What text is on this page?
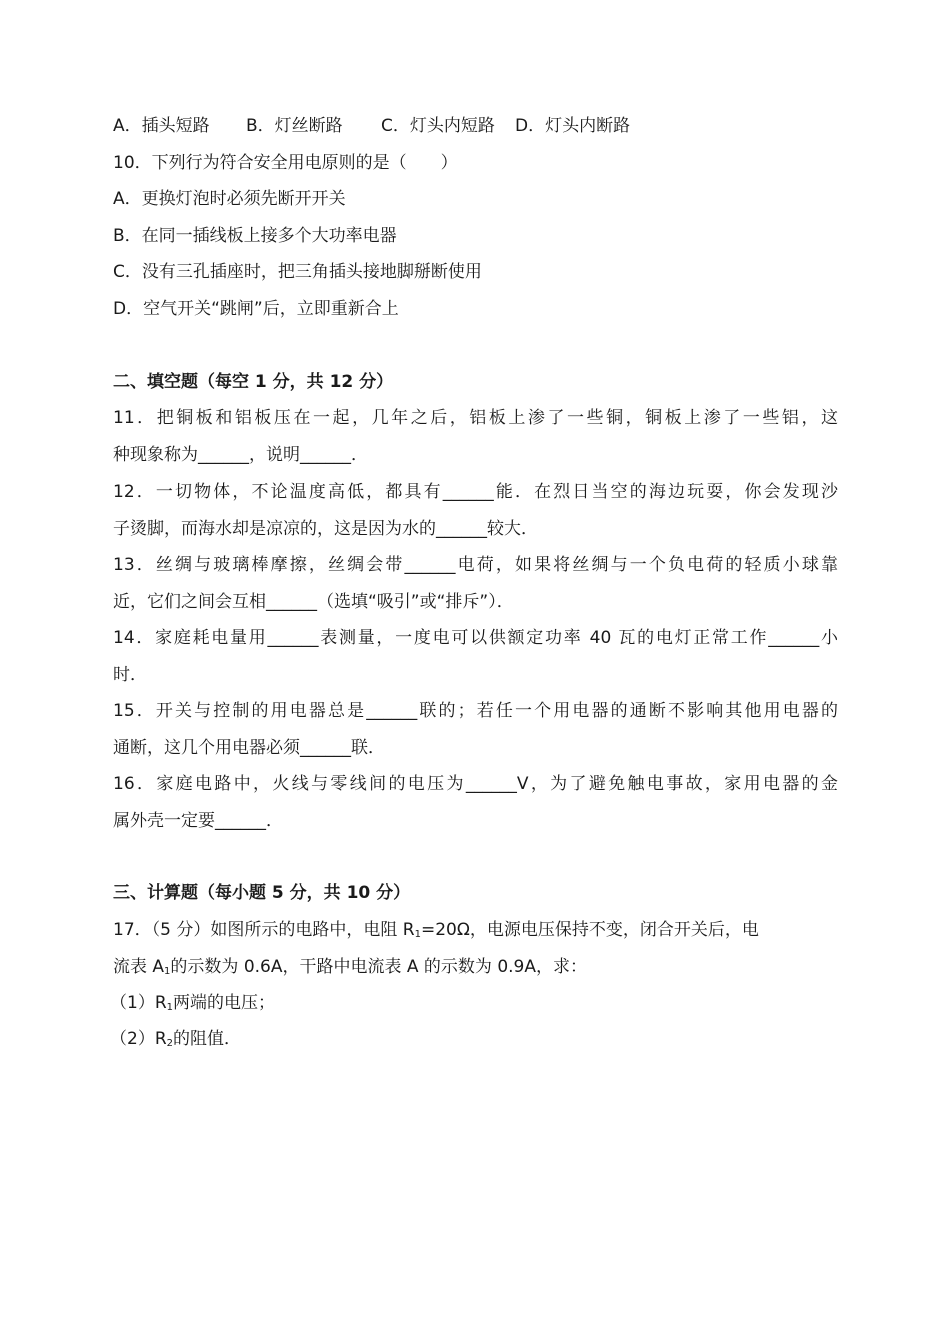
A．插头短路 B．灯丝断路 C．灯头内短路 D．灯头内断路
10．下列行为符合安全用电原则的是（　　）
A．更换灯泡时必须先断开开关
B．在同一插线板上接多个大功率电器
C．没有三孔插座时，把三角插头接地脚掰断使用
D．空气开关“跳闸”后，立即重新合上
二、填空题（每空 1 分，共 12 分）
11．把铜板和铝板压在一起，几年之后，铝板上渗了一些铜，铜板上渗了一些铝，这
种现象称为______，说明______．
12．一切物体，不论温度高低，都具有______能．在烈日当空的海边玩耍，你会发现沙
子烫脚，而海水却是凉凉的，这是因为水的______较大．
13．丝绸与玻璃棒摩擦，丝绸会带______电荷，如果将丝绸与一个负电荷的轻质小球靠
近，它们之间会互相______（选填“吸引”或“排斥”）．
14．家庭耗电量用______表测量，一度电可以供额定功率 40 瓦的电灯正常工作______小
时．
15．开关与控制的用电器总是______联的；若任一个用电器的通断不影响其他用电器的
通断，这几个用电器必须______联．
16．家庭电路中，火线与零线间的电压为______V，为了避免触电事故，家用电器的金
属外壳一定要______．
三、计算题（每小题 5 分，共 10 分）
17．（5 分）如图所示的电路中，电阻 $R_1=20\Omega$，电源电压保持不变，闭合开关后，电
流表 $A_1$的示数为 0.6A，干路中电流表 A 的示数为 0.9A，求：
$(1)R_1$两端的电压；
$(2)R_2$的阻值．
